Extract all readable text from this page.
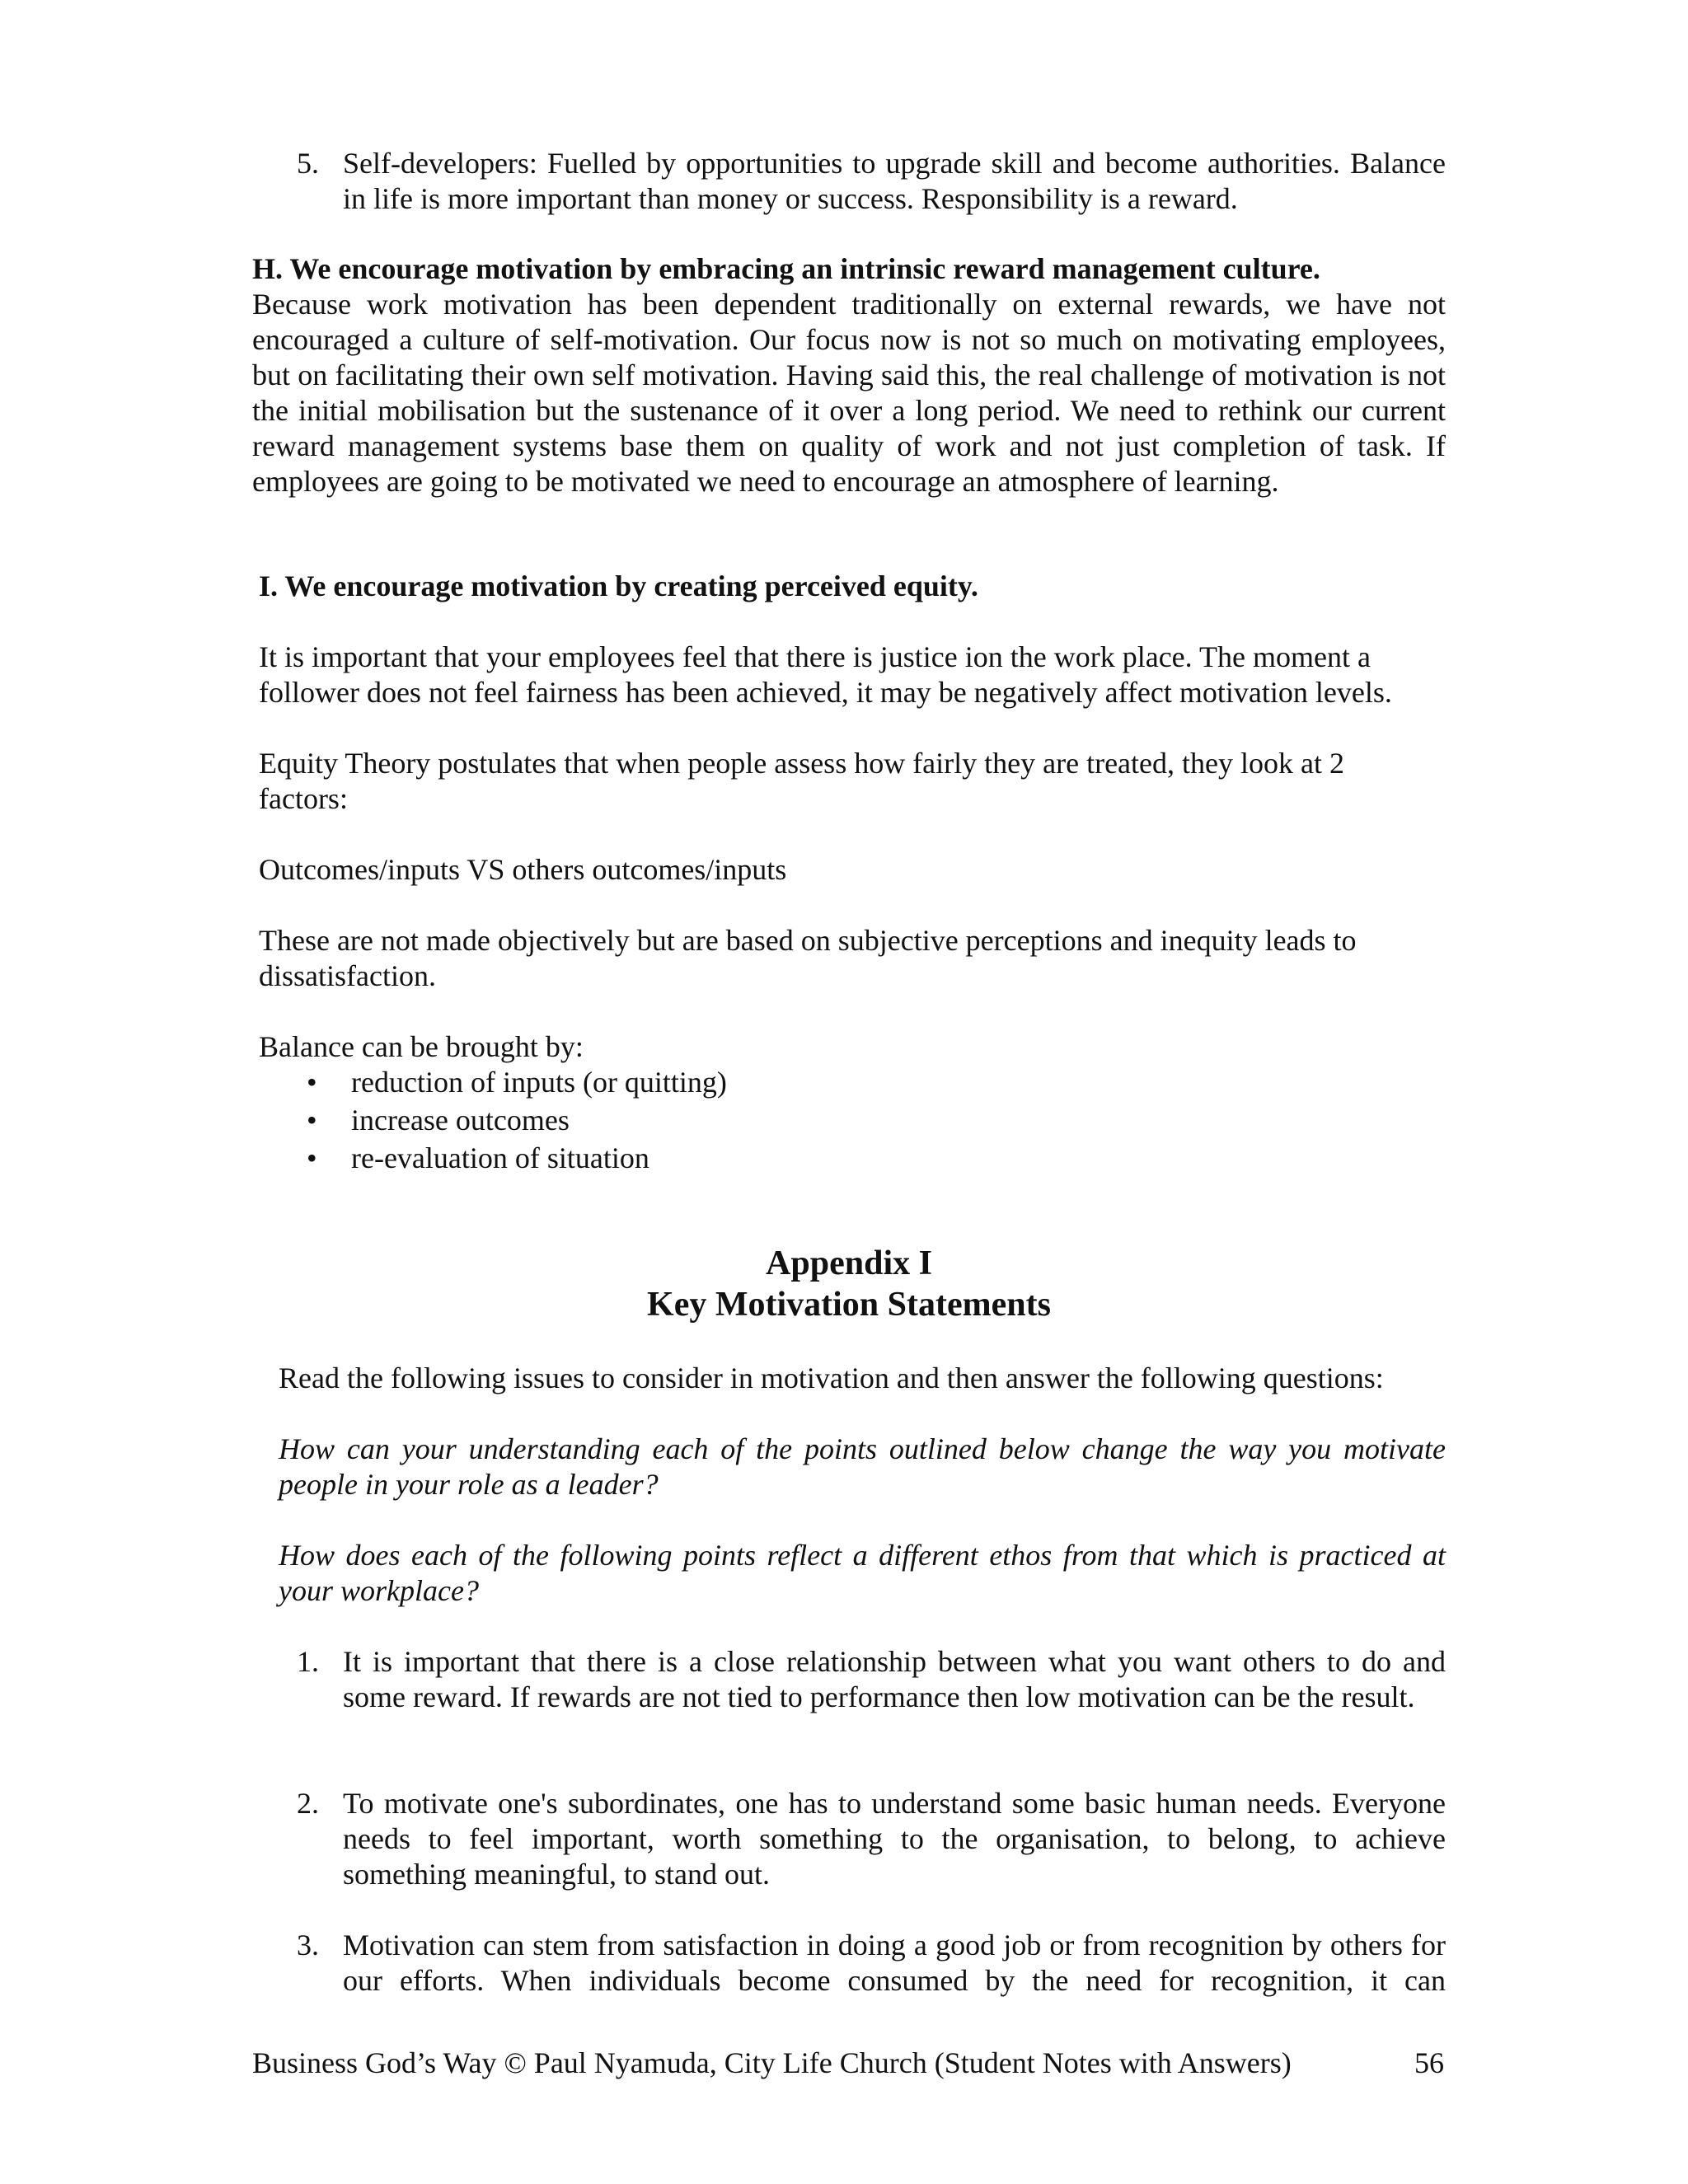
5. Self-developers: Fuelled by opportunities to upgrade skill and become authorities. Balance in life is more important than money or success. Responsibility is a reward.

H. We encourage motivation by embracing an intrinsic reward management culture.

Because work motivation has been dependent traditionally on external rewards, we have not encouraged a culture of self-motivation. Our focus now is not so much on motivating employees, but on facilitating their own self motivation. Having said this, the real challenge of motivation is not the initial mobilisation but the sustenance of it over a long period. We need to rethink our current reward management systems base them on quality of work and not just completion of task. If employees are going to be motivated we need to encourage an atmosphere of learning.

I. We encourage motivation by creating perceived equity.

It is important that your employees feel that there is justice ion the work place. The moment a

follower does not feel fairness has been achieved, it may be negatively affect motivation levels.

Equity Theory postulates that when people assess how fairly they are treated, they look at 2

factors:

Outcomes/inputs VS others outcomes/inputs

These are not made objectively but are based on subjective perceptions and inequity leads to

dissatisfaction.

Balance can be brought by:

• reduction of inputs (or quitting)
• increase outcomes
• re-evaluation of situation
Appendix I
Key Motivation Statements

Read the following issues to consider in motivation and then answer the following questions:

How can your understanding each of the points outlined below change the way you motivate people in your role as a leader?

How does each of the following points reflect a different ethos from that which is practiced at your workplace?

1. It is important that there is a close relationship between what you want others to do and some reward. If rewards are not tied to performance then low motivation can be the result.

2. To motivate one's subordinates, one has to understand some basic human needs. Everyone needs to feel important, worth something to the organisation, to belong, to achieve something meaningful, to stand out.

3. Motivation can stem from satisfaction in doing a good job or from recognition by others for our efforts. When individuals become consumed by the need for recognition, it can

Business God’s Way © Paul Nyamuda, City Life Church (Student Notes with Answers)	56
